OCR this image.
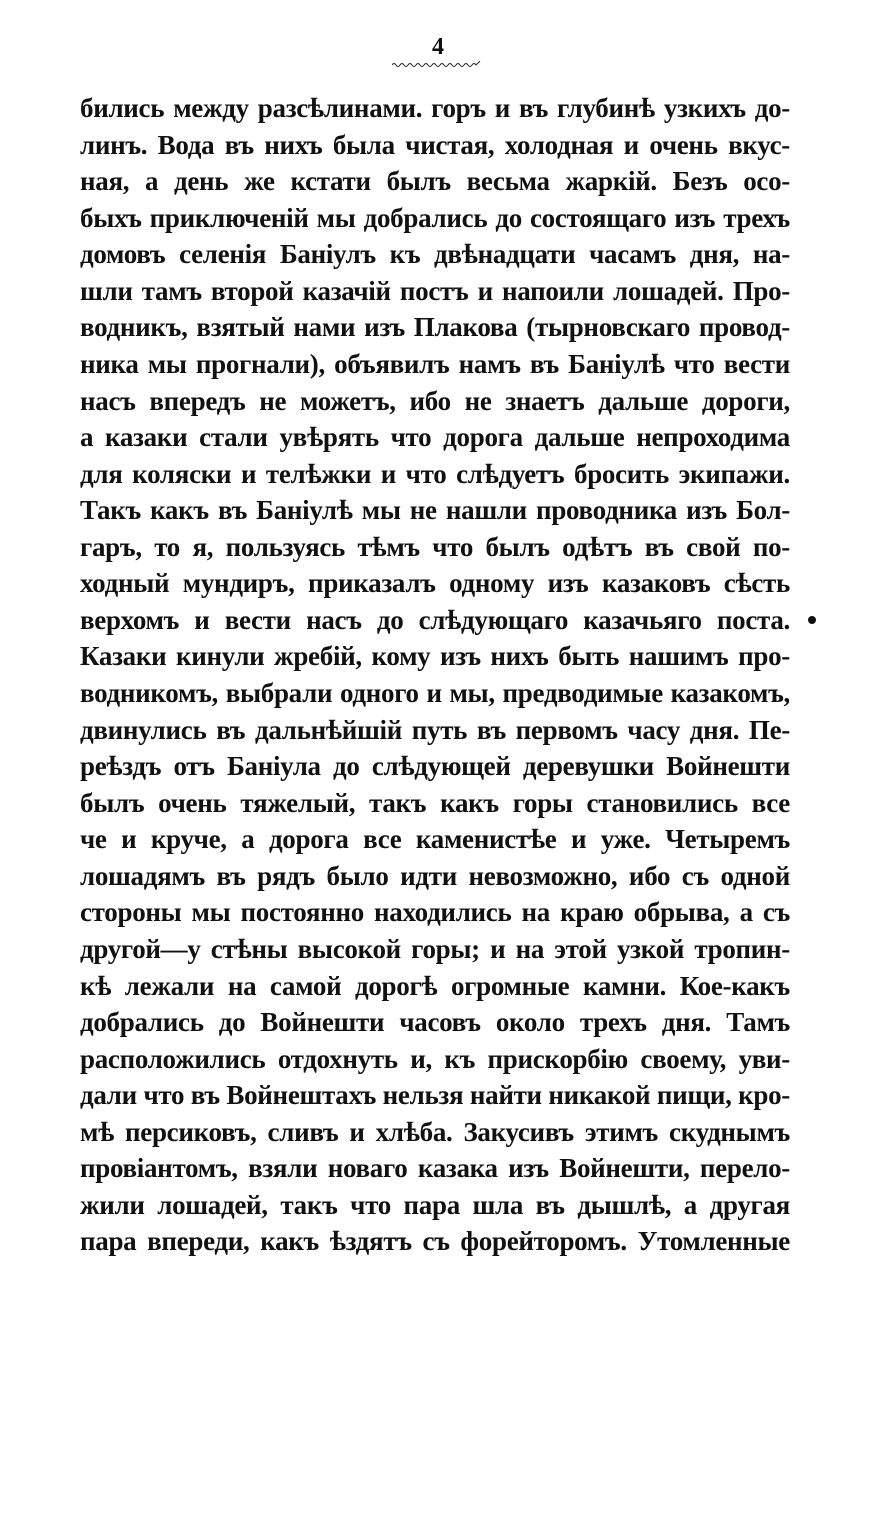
4
бились между разсѣлинами. горъ и въ глубинѣ узкихъ до-
линъ. Вода въ нихъ была чистая, холодная и очень вкус-
ная, а день же кстати былъ весьма жаркій. Безъ осо-
быхъ приключеній мы добрались до состоящаго изъ трехъ
домовъ селенія Баніулъ къ двѣнадцати часамъ дня, на-
шли тамъ второй казачій постъ и напоили лошадей. Про-
водникъ, взятый нами изъ Плакова (тырновскаго провод-
ника мы прогнали), объявилъ намъ въ Баніулѣ что вести
насъ впередъ не можетъ, ибо не знаетъ дальше дороги,
а казаки стали увѣрять что дорога дальше непроходима
для коляски и телѣжки и что слѣдуетъ бросить экипажи.
Такъ какъ въ Баніулѣ мы не нашли проводника изъ Бол-
гаръ, то я, пользуясь тѣмъ что былъ одѣтъ въ свой по-
ходный мундиръ, приказалъ одному изъ казаковъ сѣсть
верхомъ и вести насъ до слѣдующаго казачьяго поста.
Казаки кинули жребій, кому изъ нихъ быть нашимъ про-
водникомъ, выбрали одного и мы, предводимые казакомъ,
двинулись въ дальнѣйшій путь въ первомъ часу дня. Пе-
реѣздъ отъ Баніула до слѣдующей деревушки Войнешти
былъ очень тяжелый, такъ какъ горы становились все
че и круче, а дорога все каменистѣе и уже. Четыремъ
лошадямъ въ рядъ было идти невозможно, ибо съ одной
стороны мы постоянно находились на краю обрыва, а съ
другой—у стѣны высокой горы; и на этой узкой тропин-
кѣ лежали на самой дорогѣ огромные камни. Кое-какъ
добрались до Войнешти часовъ около трехъ дня. Тамъ
расположились отдохнуть и, къ прискорбію своему, уви-
дали что въ Войнештахъ нельзя найти никакой пищи, кро-
мѣ персиковъ, сливъ и хлѣба. Закусивъ этимъ скуднымъ
провіантомъ, взяли новаго казака изъ Войнешти, перело-
жили лошадей, такъ что пара шла въ дышлѣ, а другая
пара впереди, какъ ѣздятъ съ форейторомъ. Утомленные
